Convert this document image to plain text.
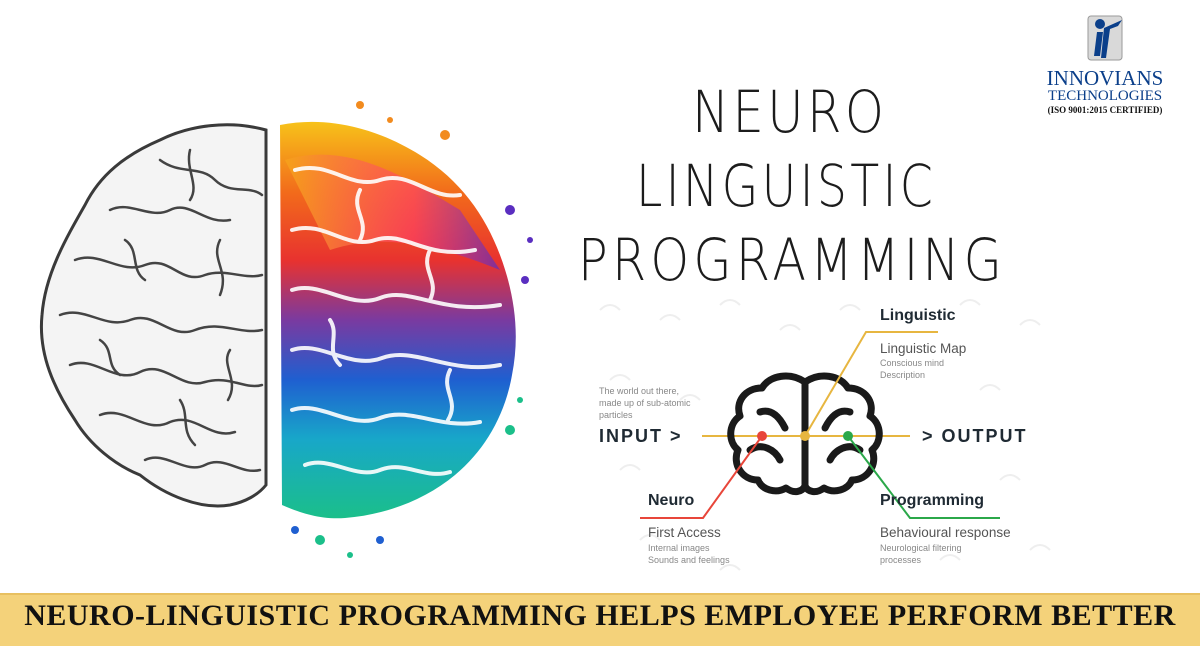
NEURO
LINGUISTIC
PROGRAMMING
INNOVIANS
TECHNOLOGIES
(ISO 9001:2015 CERTIFIED)
The world out there,
made up of sub-atomic
particles
INPUT >	> OUTPUT
Linguistic
Linguistic Map
Conscious mind
Description
Neuro
First Access
Internal images
Sounds and feelings
Programming
Behavioural response
Neurological filtering
processes
NEURO-LINGUISTIC PROGRAMMING HELPS EMPLOYEE PERFORM BETTER
